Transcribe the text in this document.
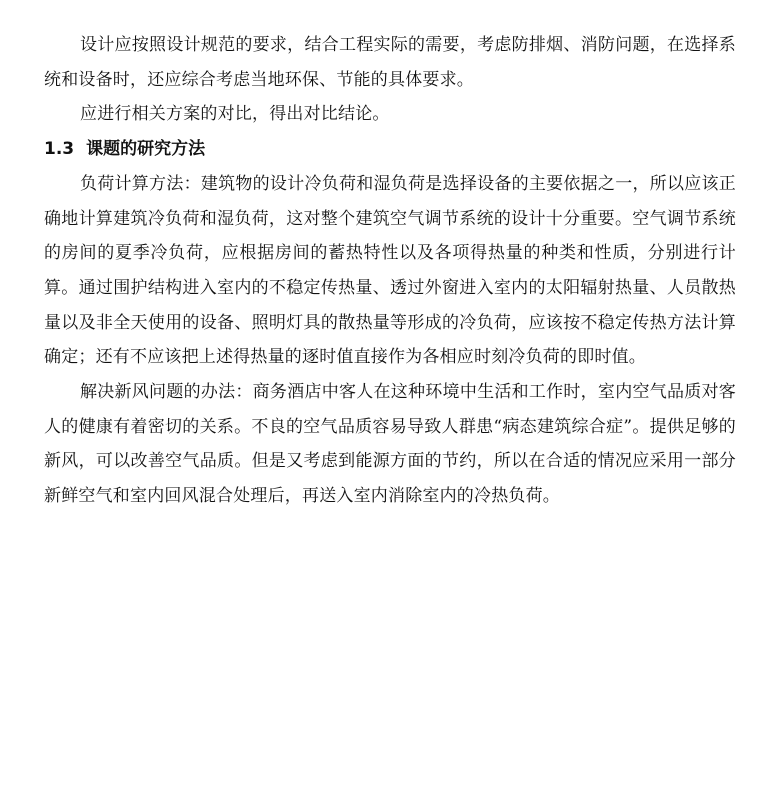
设计应按照设计规范的要求，结合工程实际的需要，考虑防排烟、消防问题，在选择系统和设备时，还应综合考虑当地环保、节能的具体要求。

应进行相关方案的对比，得出对比结论。

1.3 课题的研究方法

负荷计算方法：建筑物的设计冷负荷和湿负荷是选择设备的主要依据之一，所以应该正确地计算建筑冷负荷和湿负荷，这对整个建筑空气调节系统的设计十分重要。空气调节系统的房间的夏季冷负荷，应根据房间的蓄热特性以及各项得热量的种类和性质，分别进行计算。通过围护结构进入室内的不稳定传热量、透过外窗进入室内的太阳辐射热量、人员散热量以及非全天使用的设备、照明灯具的散热量等形成的冷负荷，应该按不稳定传热方法计算确定；还有不应该把上述得热量的逐时值直接作为各相应时刻冷负荷的即时值。

解决新风问题的办法：商务酒店中客人在这种环境中生活和工作时，室内空气品质对客人的健康有着密切的关系。不良的空气品质容易导致人群患“病态建筑综合症”。提供足够的新风，可以改善空气品质。但是又考虑到能源方面的节约，所以在合适的情况应采用一部分新鲜空气和室内回风混合处理后，再送入室内消除室内的冷热负荷。
